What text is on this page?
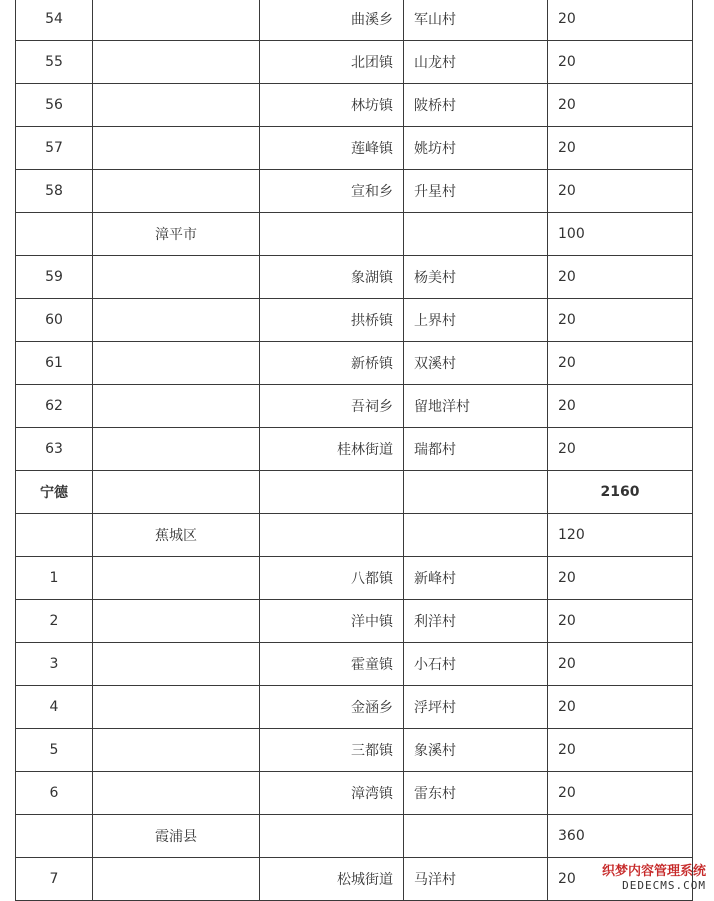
54		曲溪乡	军山村	20
55		北团镇	山龙村	20
56		林坊镇	陂桥村	20
57		莲峰镇	姚坊村	20
58		宣和乡	升星村	20
	漳平市			100
59		象湖镇	杨美村	20
60		拱桥镇	上界村	20
61		新桥镇	双溪村	20
62		吾祠乡	留地洋村	20
63		桂林街道	瑞都村	20
宁德				2160
	蕉城区			120
1		八都镇	新峰村	20
2		洋中镇	利洋村	20
3		霍童镇	小石村	20
4		金涵乡	浮坪村	20
5		三都镇	象溪村	20
6		漳湾镇	雷东村	20
	霞浦县			360
7		松城街道	马洋村	20 织梦内容管理系统
DEDECMS.COM
